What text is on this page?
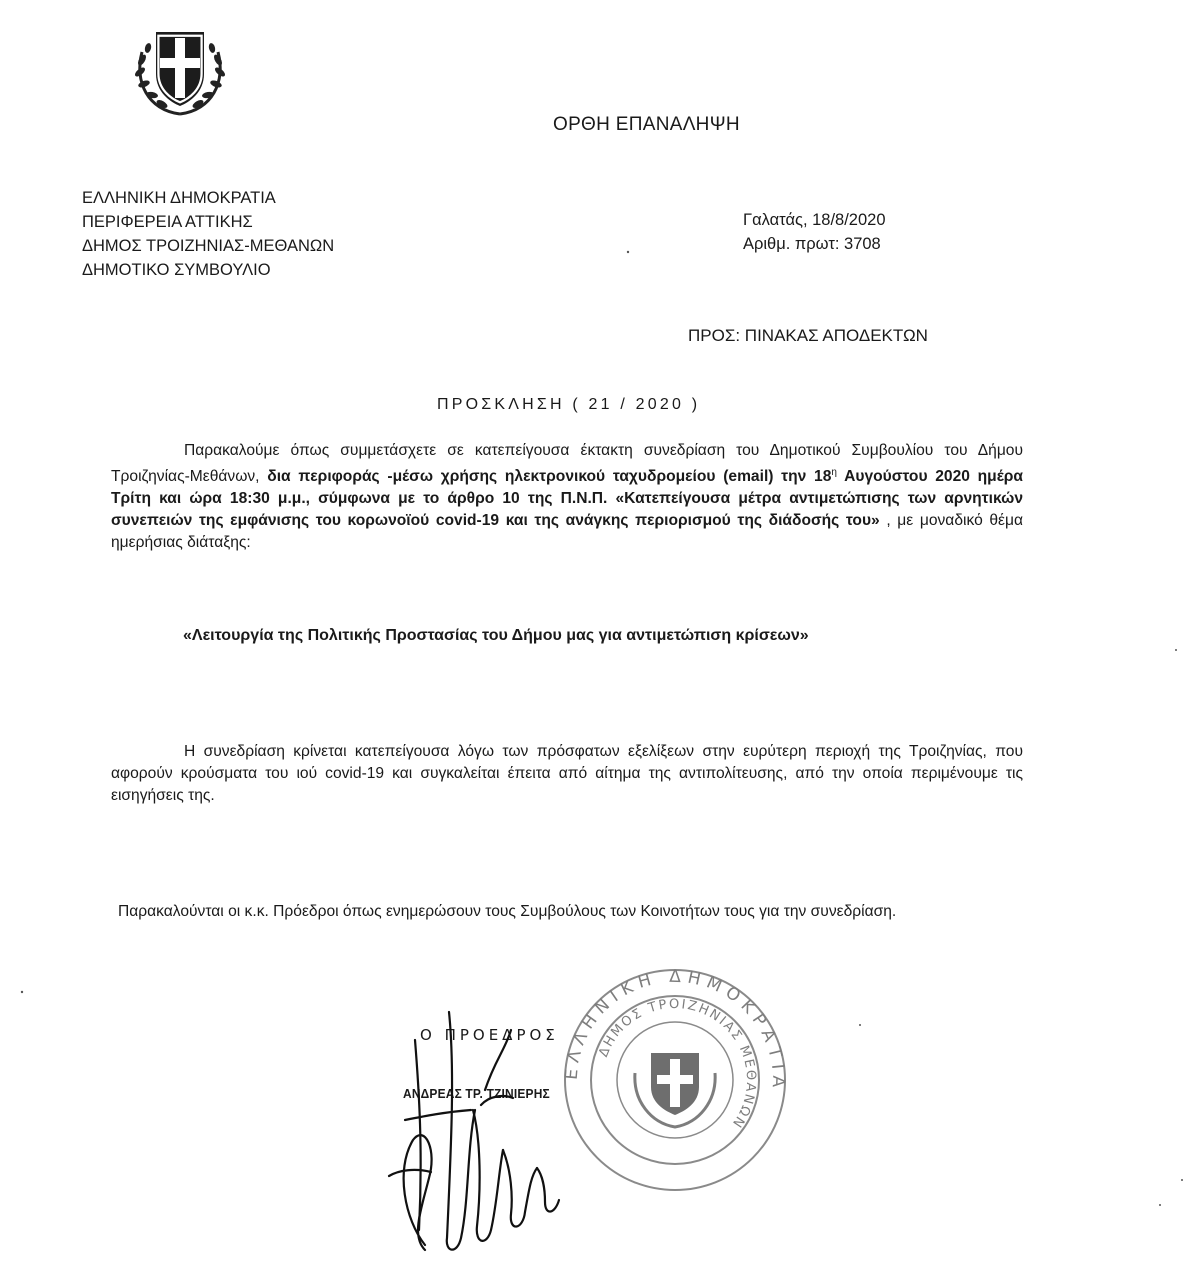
ΟΡΘΗ ΕΠΑΝΑΛΗΨΗ
ΕΛΛΗΝΙΚΗ ΔΗΜΟΚΡΑΤΙΑ
ΠΕΡΙΦΕΡΕΙΑ ΑΤΤΙΚΗΣ
ΔΗΜΟΣ ΤΡΟΙΖΗΝΙΑΣ-ΜΕΘΑΝΩΝ
ΔΗΜΟΤΙΚΟ ΣΥΜΒΟΥΛΙΟ
Γαλατάς, 18/8/2020
Αριθμ. πρωτ: 3708
ΠΡΟΣ: ΠΙΝΑΚΑΣ ΑΠΟΔΕΚΤΩΝ
ΠΡΟΣΚΛΗΣΗ ( 21 / 2020 )
Παρακαλούμε όπως συμμετάσχετε σε κατεπείγουσα έκτακτη συνεδρίαση του Δημοτικού Συμβουλίου του Δήμου Τροιζηνίας-Μεθάνων, δια περιφοράς -μέσω χρήσης ηλεκτρονικού ταχυδρομείου (email) την $18^\eta$ Αυγούστου 2020 ημέρα Τρίτη και ώρα 18:30 μ.μ., σύμφωνα με το άρθρο 10 της Π.Ν.Π. «Κατεπείγουσα μέτρα αντιμετώπισης των αρνητικών συνεπειών της εμφάνισης του κορωνοϊού covid-19 και της ανάγκης περιορισμού της διάδοσής του» , με μοναδικό θέμα ημερήσιας διάταξης:
«Λειτουργία της Πολιτικής Προστασίας του Δήμου μας για αντιμετώπιση κρίσεων»
Η συνεδρίαση κρίνεται κατεπείγουσα λόγω των πρόσφατων εξελίξεων στην ευρύτερη περιοχή της Τροιζηνίας, που αφορούν κρούσματα του ιού covid-19 και συγκαλείται έπειτα από αίτημα της αντιπολίτευσης, από την οποία περιμένουμε τις εισηγήσεις της.
Παρακαλούνται οι κ.κ. Πρόεδροι όπως ενημερώσουν τους Συμβούλους των Κοινοτήτων τους για την συνεδρίαση.
ΕΛΛΗΝΙΚΗ ΔΗΜΟΚΡΑΤΙΑ
ΔΗΜΟΣ ΤΡΟΙΖΗΝΙΑΣ ΜΕΘΑΝΩΝ
Ο ΠΡΟΕΔΡΟΣ
ΑΝΔΡΕΑΣ ΤΡ. ΤΖΙΝΙΕΡΗΣ
